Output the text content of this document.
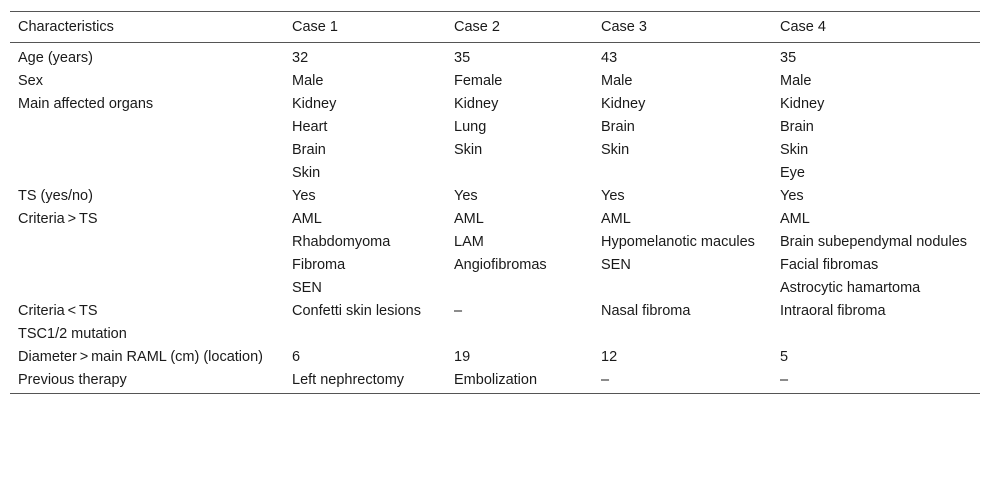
Characteristics	Case 1	Case 2	Case 3	Case 4
Age (years)	32	35	43	35
Sex	Male	Female	Male	Male
Main affected organs	Kidney	Kidney	Kidney	Kidney
	Heart	Lung	Brain	Brain
	Brain	Skin	Skin	Skin
	Skin			Eye
TS (yes/no)	Yes	Yes	Yes	Yes
Criteria > TS	AML	AML	AML	AML
	Rhabdomyoma	LAM	Hypomelanotic macules	Brain subependymal nodules
	Fibroma	Angiofibromas	SEN	Facial fibromas
	SEN			Astrocytic hamartoma
Criteria < TS	Confetti skin lesions	–	Nasal fibroma	Intraoral fibroma
TSC1/2 mutation				
Diameter > main RAML (cm) (location)	6	19	12	5
Previous therapy	Left nephrectomy	Embolization	–	–
